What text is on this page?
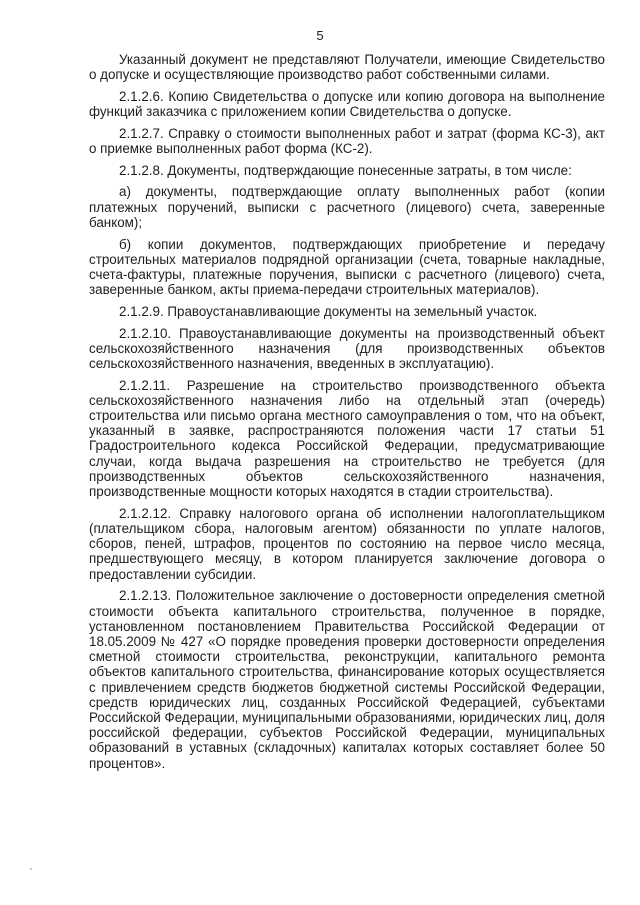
5

Указанный документ не представляют Получатели, имеющие Свидетельство о допуске и осуществляющие производство работ собственными силами.

2.1.2.6. Копию Свидетельства о допуске или копию договора на выполнение функций заказчика с приложением копии Свидетельства о допуске.

2.1.2.7. Справку о стоимости выполненных работ и затрат (форма КС-3), акт о приемке выполненных работ форма (КС-2).

2.1.2.8. Документы, подтверждающие понесенные затраты, в том числе:

а) документы, подтверждающие оплату выполненных работ (копии платежных поручений, выписки с расчетного (лицевого) счета, заверенные банком);

б) копии документов, подтверждающих приобретение и передачу строительных материалов подрядной организации (счета, товарные накладные, счета-фактуры, платежные поручения, выписки с расчетного (лицевого) счета, заверенные банком, акты приема-передачи строительных материалов).

2.1.2.9. Правоустанавливающие документы на земельный участок.

2.1.2.10. Правоустанавливающие документы на производственный объект сельскохозяйственного назначения (для производственных объектов сельскохозяйственного назначения, введенных в эксплуатацию).

2.1.2.11. Разрешение на строительство производственного объекта сельскохозяйственного назначения либо на отдельный этап (очередь) строительства или письмо органа местного самоуправления о том, что на объект, указанный в заявке, распространяются положения части 17 статьи 51 Градостроительного кодекса Российской Федерации, предусматривающие случаи, когда выдача разрешения на строительство не требуется (для производственных объектов сельскохозяйственного назначения, производственные мощности которых находятся в стадии строительства).

2.1.2.12. Справку налогового органа об исполнении налогоплательщиком (плательщиком сбора, налоговым агентом) обязанности по уплате налогов, сборов, пеней, штрафов, процентов по состоянию на первое число месяца, предшествующего месяцу, в котором планируется заключение договора о предоставлении субсидии.

2.1.2.13. Положительное заключение о достоверности определения сметной стоимости объекта капитального строительства, полученное в порядке, установленном постановлением Правительства Российской Федерации от 18.05.2009 № 427 «О порядке проведения проверки достоверности определения сметной стоимости строительства, реконструкции, капитального ремонта объектов капитального строительства, финансирование которых осуществляется с привлечением средств бюджетов бюджетной системы Российской Федерации, средств юридических лиц, созданных Российской Федерацией, субъектами Российской Федерации, муниципальными образованиями, юридических лиц, доля российской федерации, субъектов Российской Федерации, муниципальных образований в уставных (складочных) капиталах которых составляет более 50 процентов».
